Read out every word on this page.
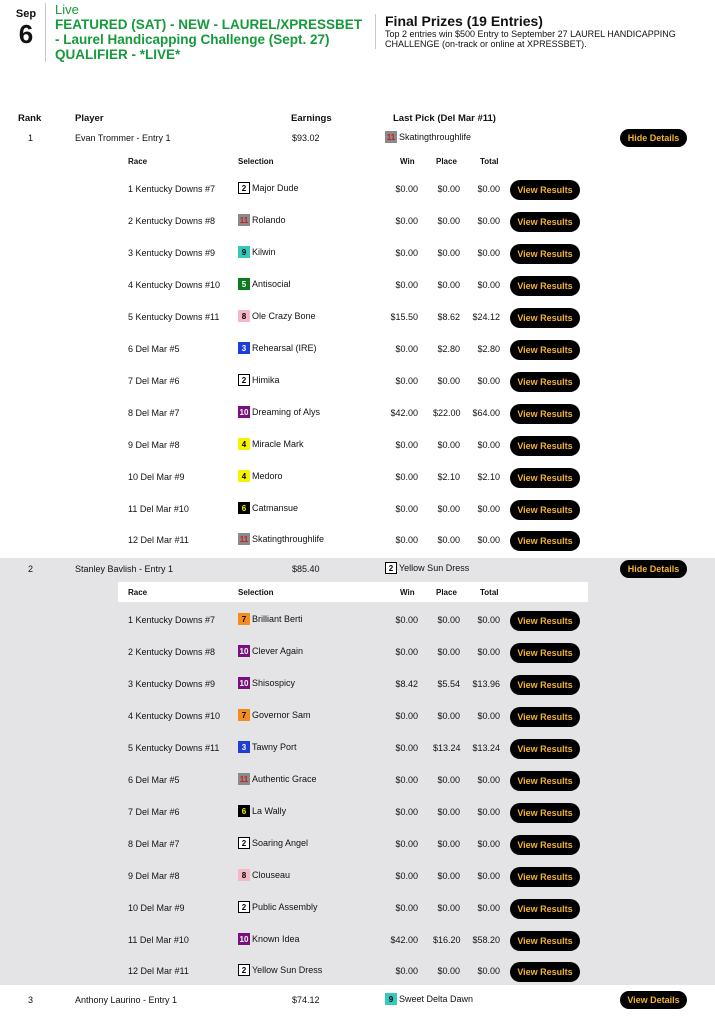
Sep
6
Live
FEATURED (SAT) - NEW - LAUREL/XPRESSBET - Laurel Handicapping Challenge (Sept. 27) QUALIFIER - *LIVE*
Final Prizes (19 Entries)
Top 2 entries win $500 Entry to September 27 LAUREL HANDICAPPING CHALLENGE (on-track or online at XPRESSBET).
Rank	Player	Earnings	Last Pick (Del Mar #11)
1	Evan Trommer - Entry 1	$93.02	11 Skatingthroughlife	Hide Details
Race	Selection	Win	Place	Total
1 Kentucky Downs #7	2 Major Dude	$0.00	$0.00	$0.00	View Results
2 Kentucky Downs #8	11 Rolando	$0.00	$0.00	$0.00	View Results
3 Kentucky Downs #9	9 Kilwin	$0.00	$0.00	$0.00	View Results
4 Kentucky Downs #10	5 Antisocial	$0.00	$0.00	$0.00	View Results
5 Kentucky Downs #11	8 Ole Crazy Bone	$15.50	$8.62 $24.12	View Results
6 Del Mar #5	3 Rehearsal (IRE)	$0.00	$2.80	$2.80	View Results
7 Del Mar #6	2 Himika	$0.00	$0.00	$0.00	View Results
8 Del Mar #7	10 Dreaming of Alys	$42.00 $22.00 $64.00	View Results
9 Del Mar #8	4 Miracle Mark	$0.00	$0.00	$0.00	View Results
10 Del Mar #9	4 Medoro	$0.00	$2.10	$2.10	View Results
11 Del Mar #10	6 Catmansue	$0.00	$0.00	$0.00	View Results
12 Del Mar #11	11 Skatingthroughlife	$0.00	$0.00	$0.00	View Results
2	Stanley Bavlish - Entry 1	$85.40	2 Yellow Sun Dress	Hide Details
Race	Selection	Win	Place	Total
1 Kentucky Downs #7	7 Brilliant Berti	$0.00	$0.00	$0.00	View Results
2 Kentucky Downs #8	10 Clever Again	$0.00	$0.00	$0.00	View Results
3 Kentucky Downs #9	10 Shisospicy	$8.42	$5.54 $13.96	View Results
4 Kentucky Downs #10	7 Governor Sam	$0.00	$0.00	$0.00	View Results
5 Kentucky Downs #11	3 Tawny Port	$0.00 $13.24 $13.24	View Results
6 Del Mar #5	11 Authentic Grace	$0.00	$0.00	$0.00	View Results
7 Del Mar #6	6 La Wally	$0.00	$0.00	$0.00	View Results
8 Del Mar #7	2 Soaring Angel	$0.00	$0.00	$0.00	View Results
9 Del Mar #8	8 Clouseau	$0.00	$0.00	$0.00	View Results
10 Del Mar #9	2 Public Assembly	$0.00	$0.00	$0.00	View Results
11 Del Mar #10	10 Known Idea	$42.00 $16.20 $58.20	View Results
12 Del Mar #11	2 Yellow Sun Dress	$0.00	$0.00	$0.00	View Results
3	Anthony Laurino - Entry 1	$74.12	9 Sweet Delta Dawn	View Details
